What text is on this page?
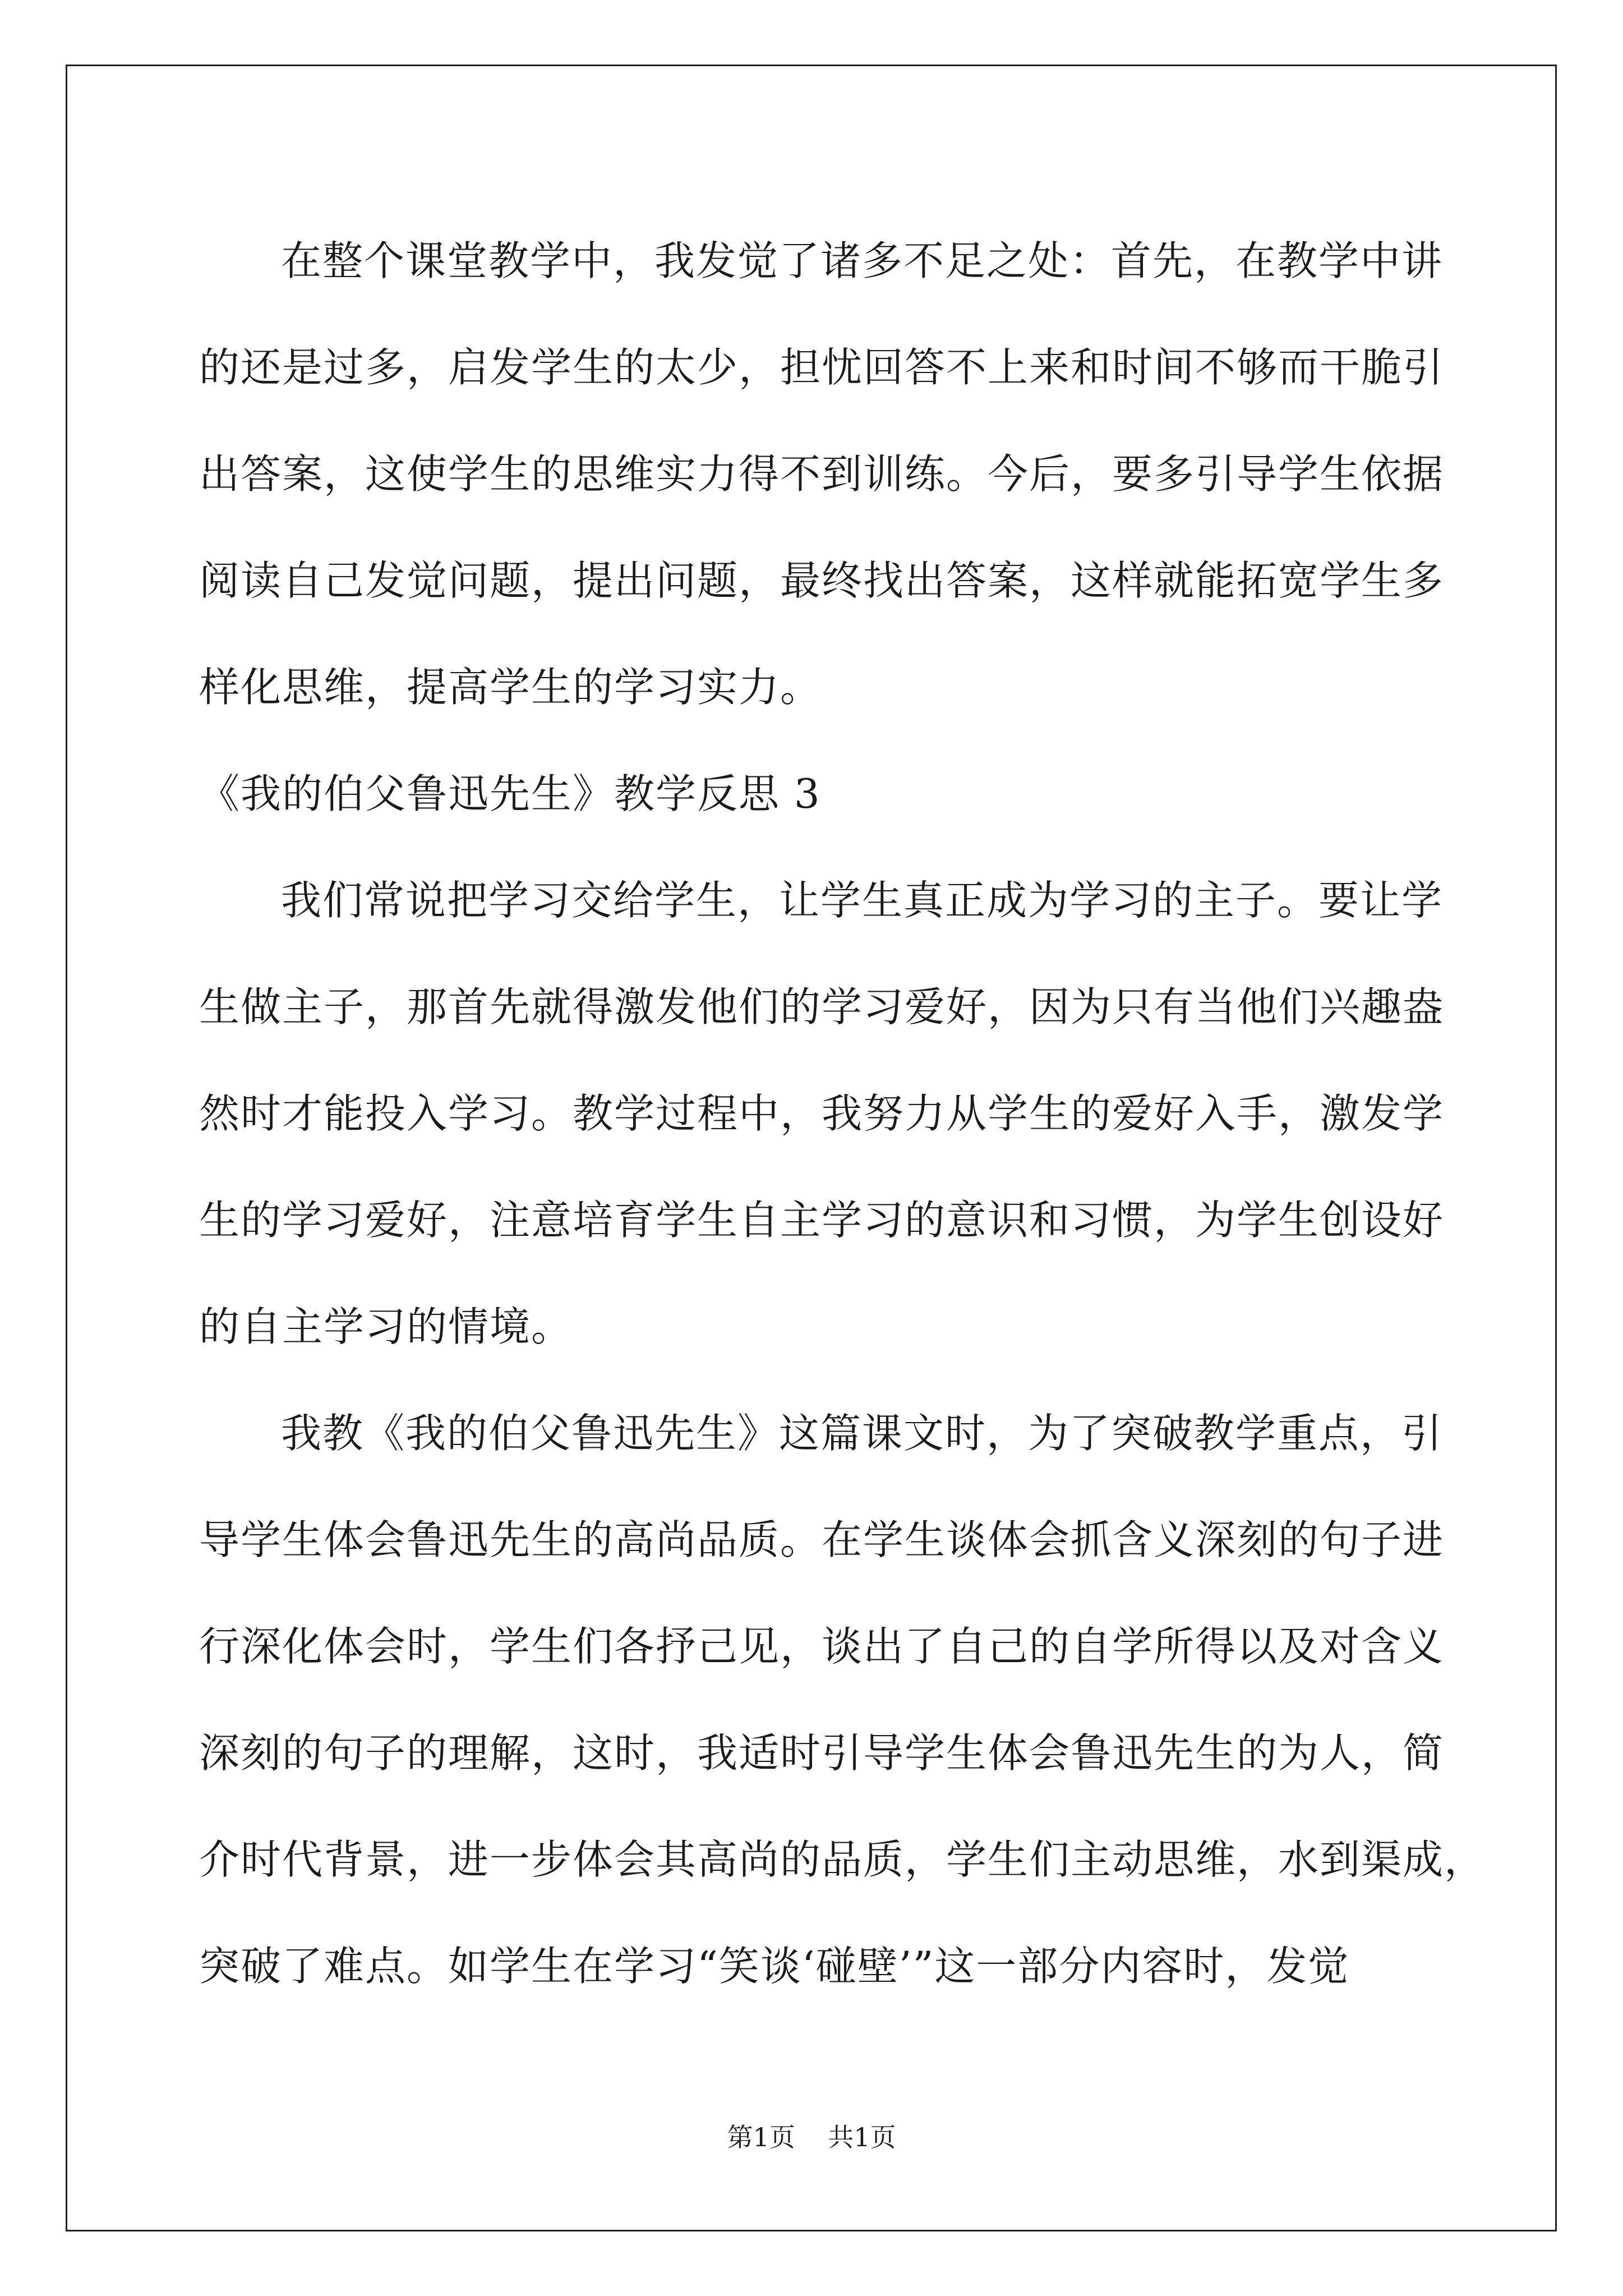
在整个课堂教学中，我发觉了诸多不足之处：首先，在教学中讲
的还是过多，启发学生的太少，担忧回答不上来和时间不够而干脆引
出答案，这使学生的思维实力得不到训练。今后，要多引导学生依据
阅读自己发觉问题，提出问题，最终找出答案，这样就能拓宽学生多
样化思维，提高学生的学习实力。
《我的伯父鲁迅先生》教学反思 3
我们常说把学习交给学生，让学生真正成为学习的主子。要让学
生做主子，那首先就得激发他们的学习爱好，因为只有当他们兴趣盎
然时才能投入学习。教学过程中，我努力从学生的爱好入手，激发学
生的学习爱好，注意培育学生自主学习的意识和习惯，为学生创设好
的自主学习的情境。
我教《我的伯父鲁迅先生》这篇课文时，为了突破教学重点，引
导学生体会鲁迅先生的高尚品质。在学生谈体会抓含义深刻的句子进
行深化体会时，学生们各抒己见，谈出了自己的自学所得以及对含义
深刻的句子的理解，这时，我适时引导学生体会鲁迅先生的为人，简
介时代背景，进一步体会其高尚的品质，学生们主动思维，水到渠成，
突破了难点。如学生在学习“笑谈‘碰壁’”这一部分内容时，发觉
第1页    共1页
